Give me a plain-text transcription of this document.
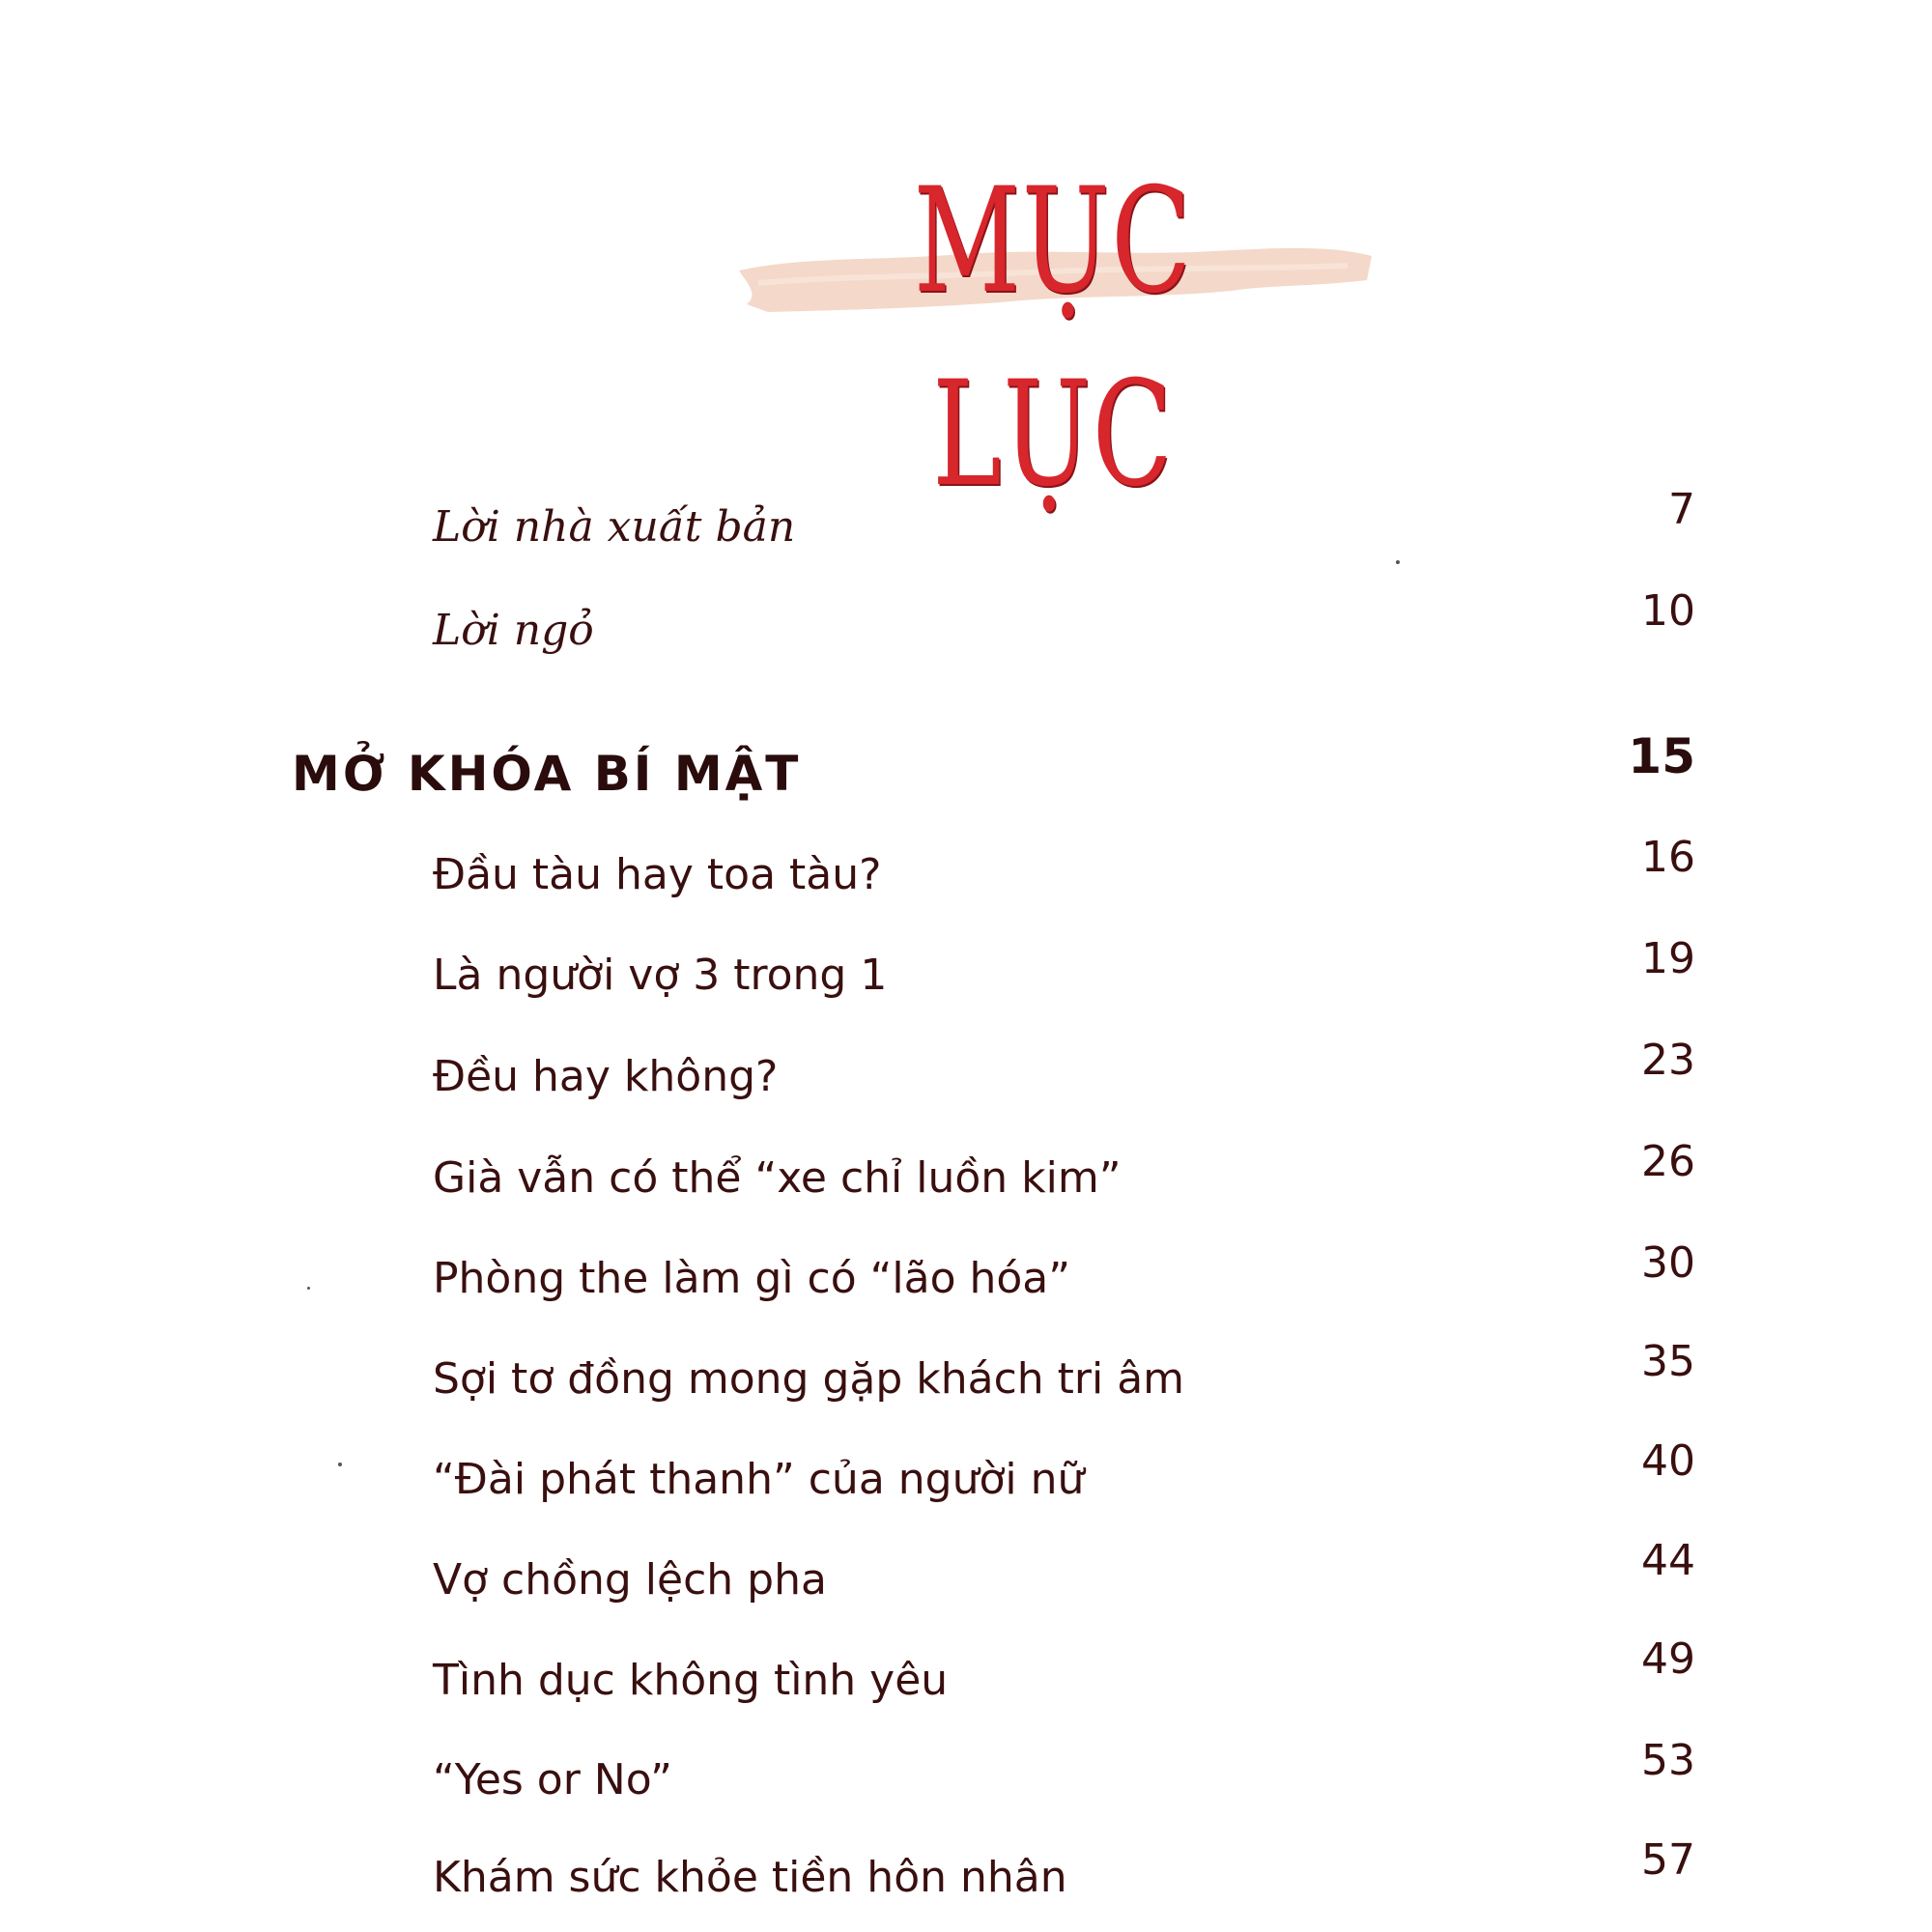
MỤC LỤC
Lời nhà xuất bản	7
Lời ngỏ	10
MỞ KHÓA BÍ MẬT	15
Đầu tàu hay toa tàu?	16
Là người vợ 3 trong 1	19
Đều hay không?	23
Già vẫn có thể “xe chỉ luồn kim”	26
Phòng the làm gì có “lão hóa”	30
Sợi tơ đồng mong gặp khách tri âm	35
“Đài phát thanh” của người nữ	40
Vợ chồng lệch pha	44
Tình dục không tình yêu	49
“Yes or No”	53
Khám sức khỏe tiền hôn nhân	57
